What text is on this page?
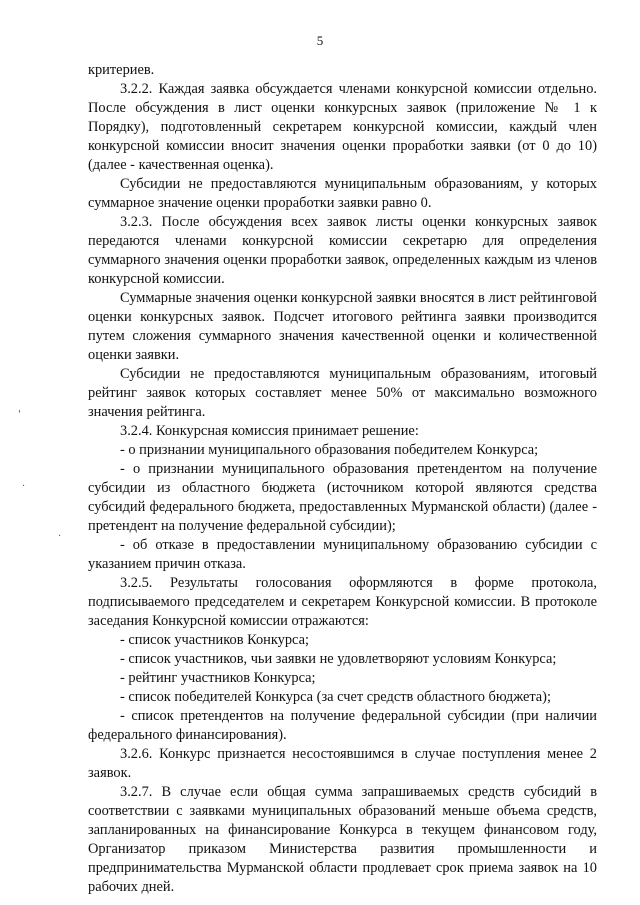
5

критериев.

3.2.2. Каждая заявка обсуждается членами конкурсной комиссии отдельно. После обсуждения в лист оценки конкурсных заявок (приложение № 1 к Порядку), подготовленный секретарем конкурсной комиссии, каждый член конкурсной комиссии вносит значения оценки проработки заявки (от 0 до 10) (далее - качественная оценка).

Субсидии не предоставляются муниципальным образованиям, у которых суммарное значение оценки проработки заявки равно 0.

3.2.3. После обсуждения всех заявок листы оценки конкурсных заявок передаются членами конкурсной комиссии секретарю для определения суммарного значения оценки проработки заявок, определенных каждым из членов конкурсной комиссии.

Суммарные значения оценки конкурсной заявки вносятся в лист рейтинговой оценки конкурсных заявок. Подсчет итогового рейтинга заявки производится путем сложения суммарного значения качественной оценки и количественной оценки заявки.

Субсидии не предоставляются муниципальным образованиям, итоговый рейтинг заявок которых составляет менее 50% от максимально возможного значения рейтинга.

3.2.4. Конкурсная комиссия принимает решение:

- о признании муниципального образования победителем Конкурса;

- о признании муниципального образования претендентом на получение субсидии из областного бюджета (источником которой являются средства субсидий федерального бюджета, предоставленных Мурманской области) (далее - претендент на получение федеральной субсидии);

- об отказе в предоставлении муниципальному образованию субсидии с указанием причин отказа.

3.2.5. Результаты голосования оформляются в форме протокола, подписываемого председателем и секретарем Конкурсной комиссии. В протоколе заседания Конкурсной комиссии отражаются:

- список участников Конкурса;

- список участников, чьи заявки не удовлетворяют условиям Конкурса;

- рейтинг участников Конкурса;

- список победителей Конкурса (за счет средств областного бюджета);

- список претендентов на получение федеральной субсидии (при наличии федерального финансирования).

3.2.6. Конкурс признается несостоявшимся в случае поступления менее 2 заявок.

3.2.7. В случае если общая сумма запрашиваемых средств субсидий в соответствии с заявками муниципальных образований меньше объема средств, запланированных на финансирование Конкурса в текущем финансовом году, Организатор приказом Министерства развития промышленности и предпринимательства Мурманской области продлевает срок приема заявок на 10 рабочих дней.

'
·
·
